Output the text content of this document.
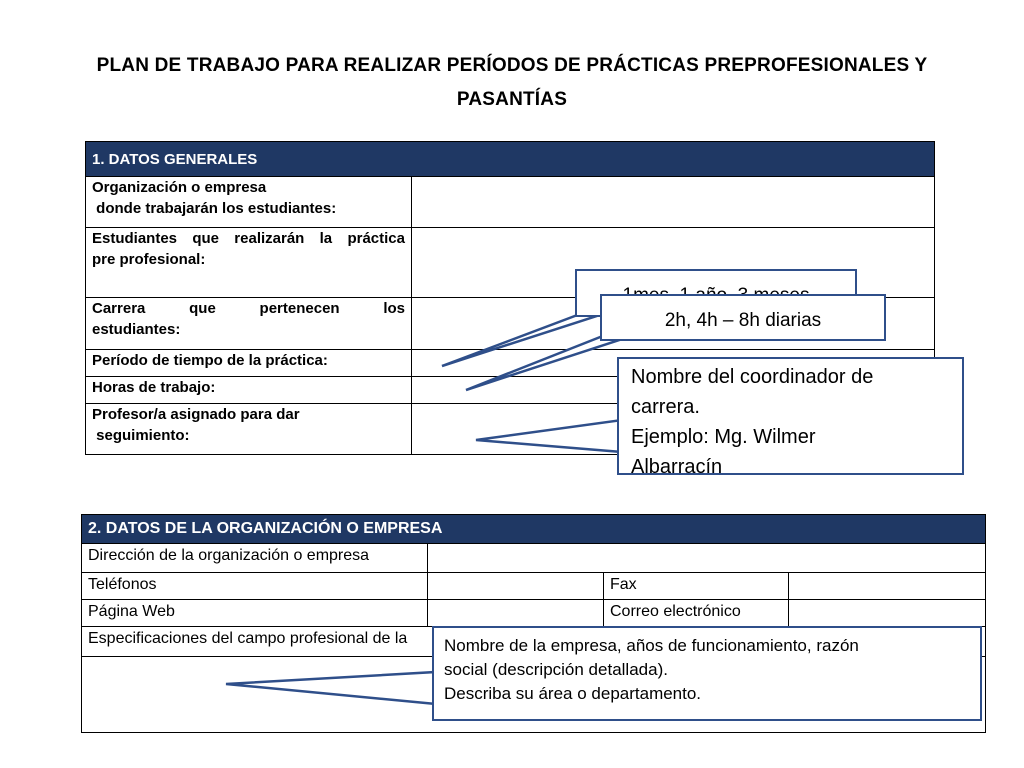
PLAN DE TRABAJO PARA REALIZAR PERÍODOS DE PRÁCTICAS PREPROFESIONALES Y
PASANTÍAS
1. DATOS GENERALES	

Organización o empresa
donde trabajarán los estudiantes:	

Estudiantes que realizarán la práctica
pre profesional:	

Carrera que pertenecen los
estudiantes:	

Período de tiempo de la práctica:	
Horas de trabajo:	

Profesor/a asignado para dar
seguimiento:	

2. DATOS DE LA ORGANIZACIÓN O EMPRESA			
Dirección de la organización o empresa			
Teléfonos		Fax	
Página Web		Correo electrónico	
Especificaciones del campo profesional de la			

2h, 4h – 8h diarias
Nombre del coordinador de
carrera.
Ejemplo: Mg. Wilmer
Albarracín
Nombre de la empresa, años de funcionamiento, razón
social (descripción detallada).
Describa su área o departamento.
